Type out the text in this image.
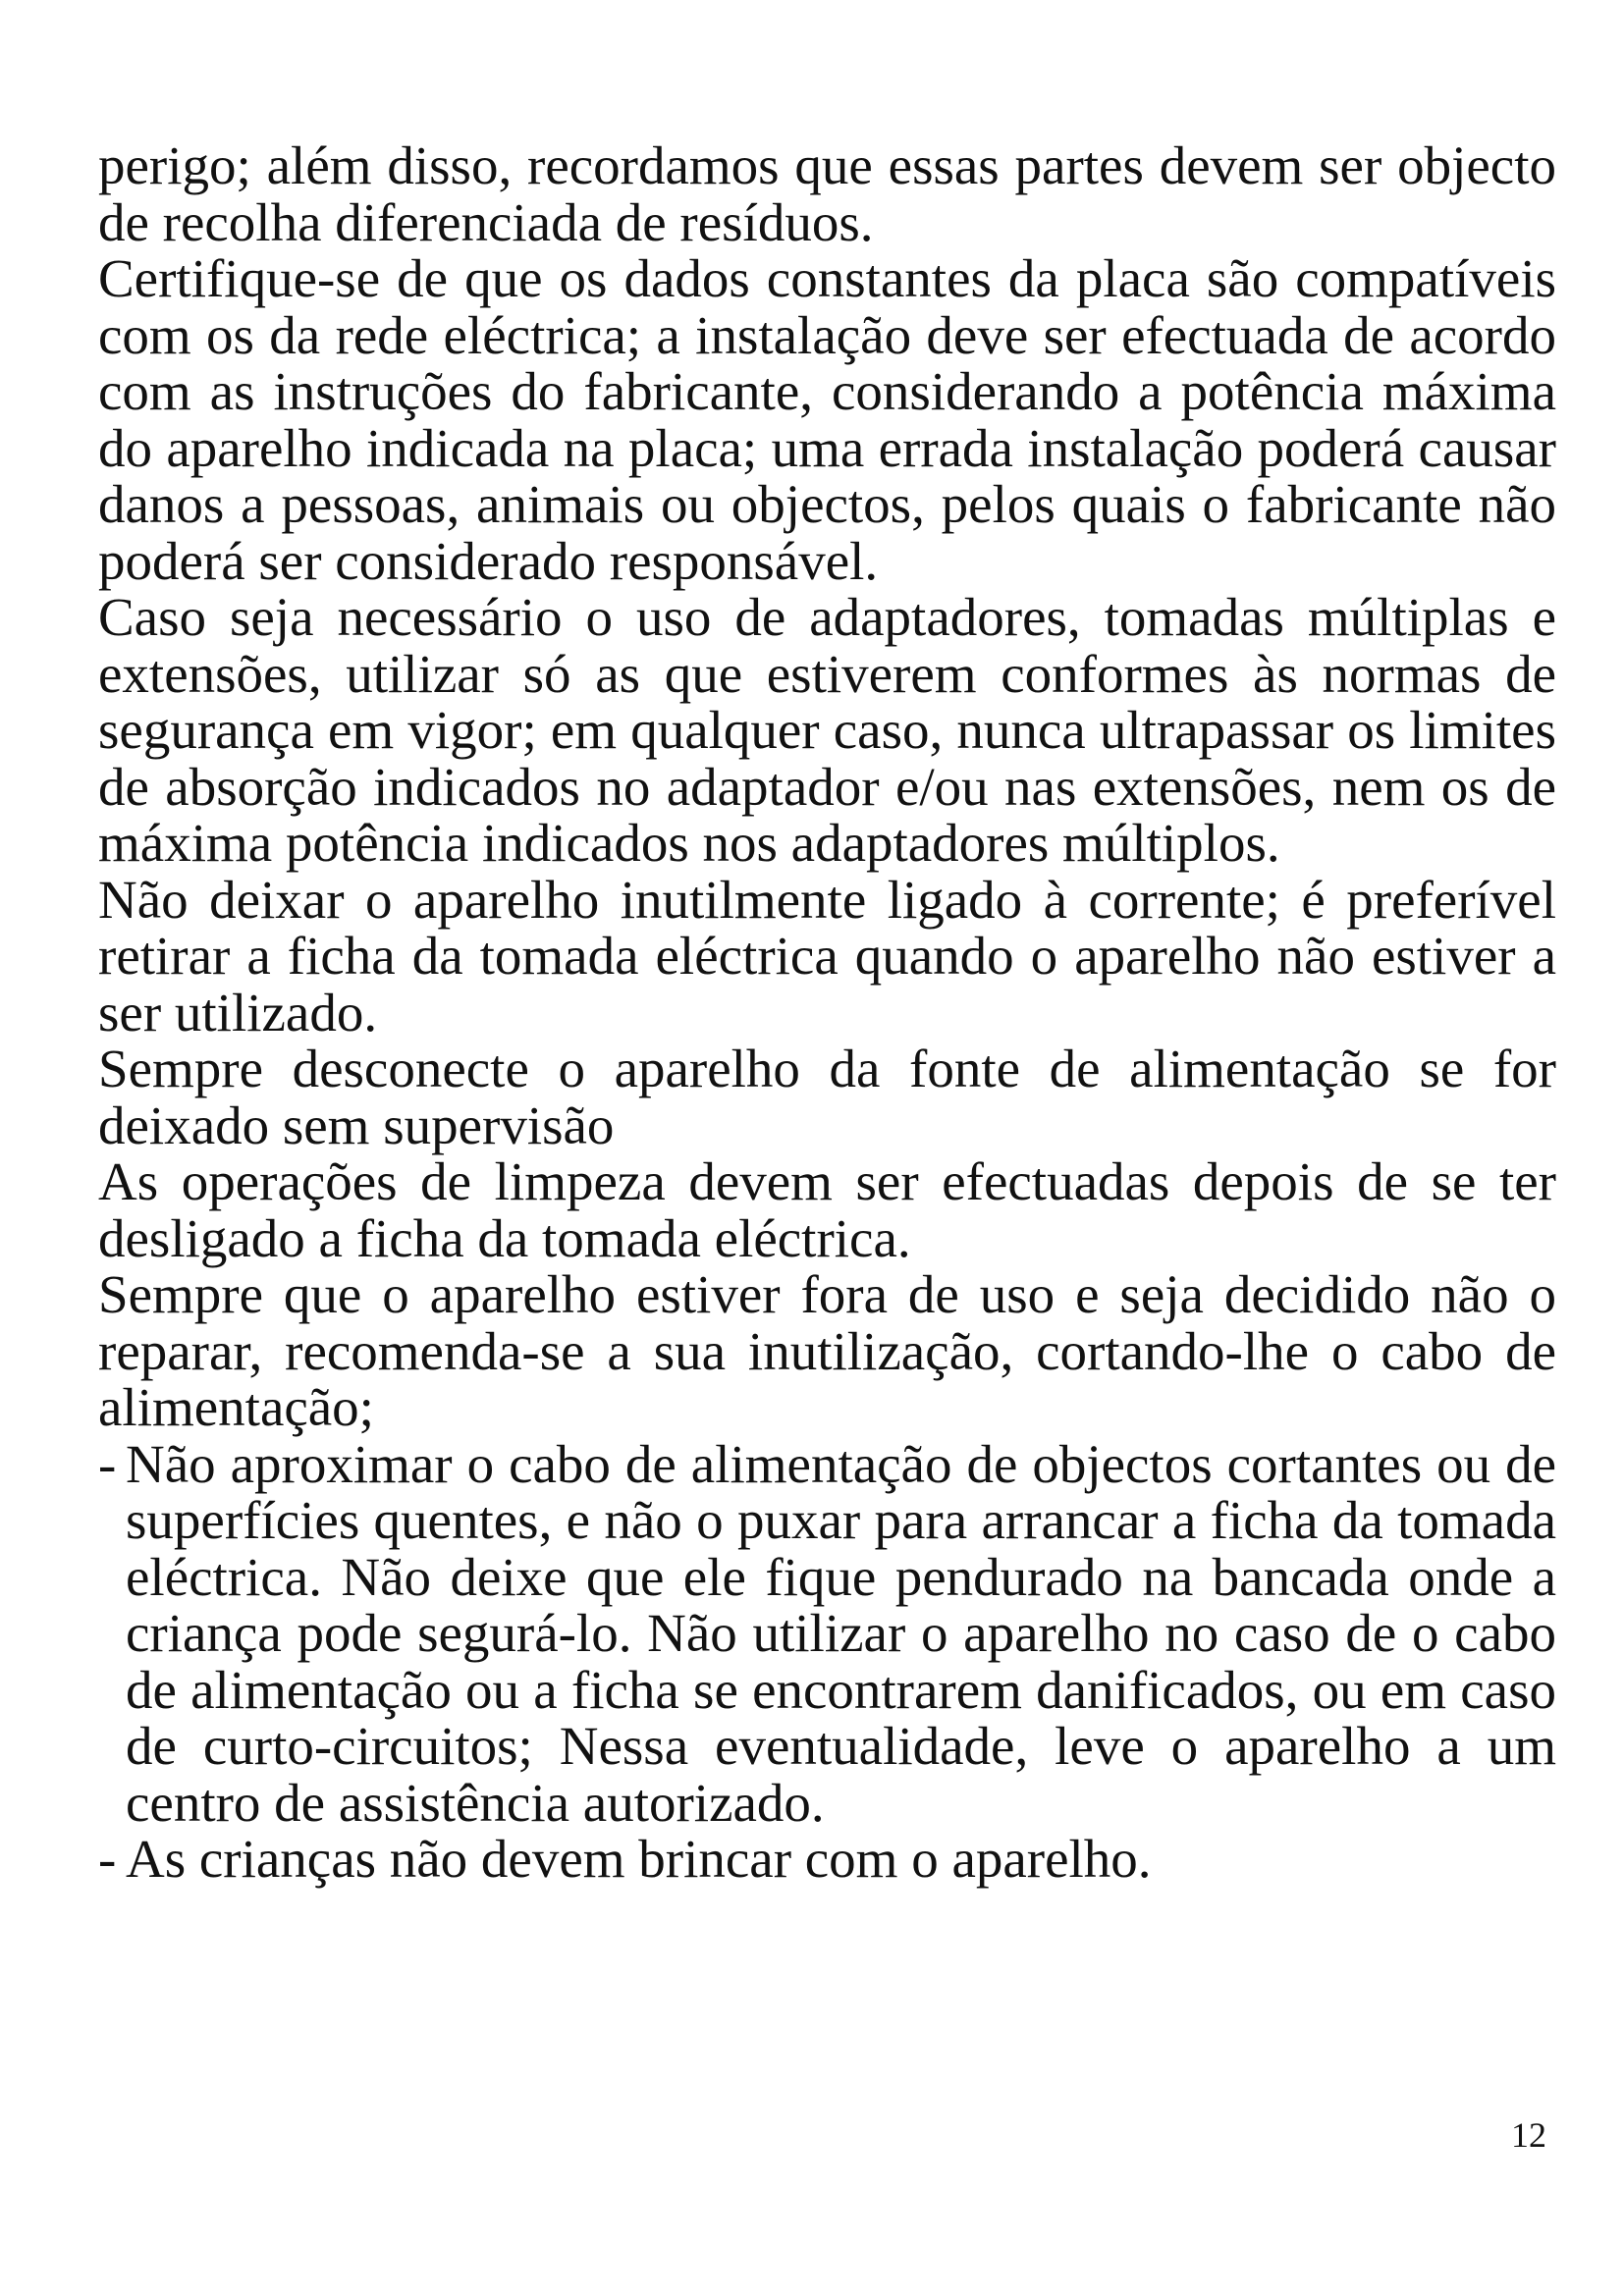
perigo; além disso, recordamos que essas partes devem ser objecto de recolha diferenciada de resíduos.

Certifique-se de que os dados constantes da placa são compatíveis com os da rede eléctrica; a instalação deve ser efectuada de acordo com as instruções do fabricante, considerando a potência máxima do aparelho indicada na placa; uma errada instalação poderá causar danos a pessoas, animais ou objectos, pelos quais o fabricante não poderá ser considerado responsável.

Caso seja necessário o uso de adaptadores, tomadas múltiplas e extensões, utilizar só as que estiverem conformes às normas de segurança em vigor; em qualquer caso, nunca ultrapassar os limites de absorção indicados no adaptador e/ou nas extensões, nem os de máxima potência indicados nos adaptadores múltiplos.

Não deixar o aparelho inutilmente ligado à corrente; é preferível retirar a ficha da tomada eléctrica quando o aparelho não estiver a ser utilizado.

Sempre desconecte o aparelho da fonte de alimentação se for deixado sem supervisão

As operações de limpeza devem ser efectuadas depois de se ter desligado a ficha da tomada eléctrica.

Sempre que o aparelho estiver fora de uso e seja decidido não o reparar, recomenda-se a sua inutilização, cortando-lhe o cabo de alimentação;

- Não aproximar o cabo de alimentação de objectos cortantes ou de superfícies quentes, e não o puxar para arrancar a ficha da tomada eléctrica. Não deixe que ele fique pendurado na bancada onde a criança pode segurá-lo. Não utilizar o aparelho no caso de o cabo de alimentação ou a ficha se encontrarem danificados, ou em caso de curto-circuitos; Nessa eventualidade, leve o aparelho a um centro de assistência autorizado.
- As crianças não devem brincar com o aparelho.
12
